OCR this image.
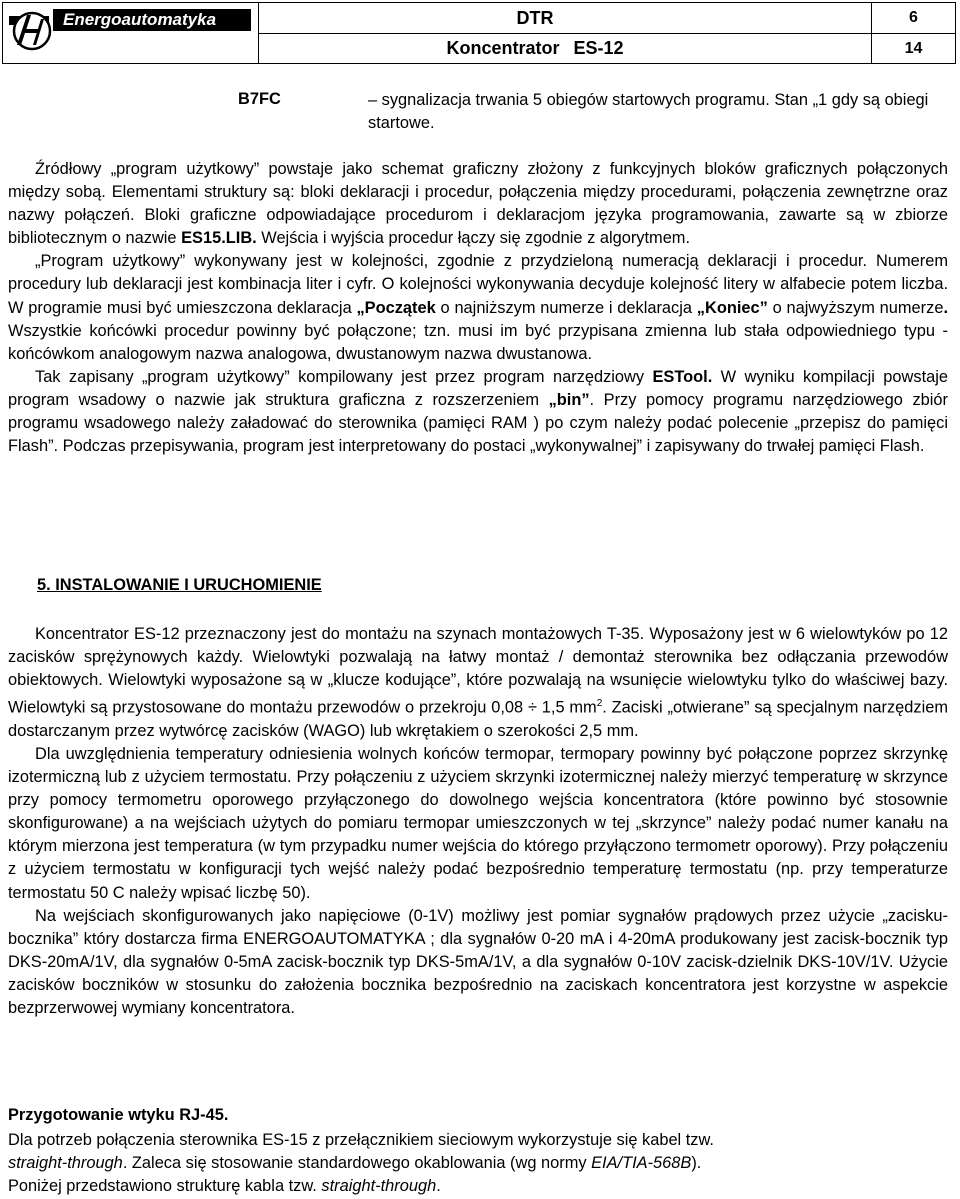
Energoautomatyka	DTR
Koncentrator ES-12
6
14
B7FC	– sygnalizacja trwania 5 obiegów startowych programu. Stan „1 gdy są obiegi startowe.

Źródłowy „program użytkowy” powstaje jako schemat graficzny złożony z funkcyjnych bloków graficznych połączonych między sobą. Elementami struktury są: bloki deklaracji i procedur, połączenia między procedurami, połączenia zewnętrzne oraz nazwy połączeń. Bloki graficzne odpowiadające procedurom i deklaracjom języka programowania, zawarte są w zbiorze bibliotecznym o nazwie ES15.LIB. Wejścia i wyjścia procedur łączy się zgodnie z algorytmem.

„Program użytkowy” wykonywany jest w kolejności, zgodnie z przydzieloną numeracją deklaracji i procedur. Numerem procedury lub deklaracji jest kombinacja liter i cyfr. O kolejności wykonywania decyduje kolejność litery w alfabecie potem liczba. W programie musi być umieszczona deklaracja „Początek o najniższym numerze i deklaracja „Koniec” o najwyższym numerze. Wszystkie końcówki procedur powinny być połączone; tzn. musi im być przypisana zmienna lub stała odpowiedniego typu - końcówkom analogowym nazwa analogowa, dwustanowym nazwa dwustanowa.

Tak zapisany „program użytkowy” kompilowany jest przez program narzędziowy ESTool. W wyniku kompilacji powstaje program wsadowy o nazwie jak struktura graficzna z rozszerzeniem „bin”. Przy pomocy programu narzędziowego zbiór programu wsadowego należy załadować do sterownika (pamięci RAM ) po czym należy podać polecenie „przepisz do pamięci Flash”. Podczas przepisywania, program jest interpretowany do postaci „wykonywalnej” i zapisywany do trwałej pamięci Flash.

5. INSTALOWANIE I URUCHOMIENIE

Koncentrator ES-12 przeznaczony jest do montażu na szynach montażowych T-35. Wyposażony jest w 6 wielowtyków po 12 zacisków sprężynowych każdy. Wielowtyki pozwalają na łatwy montaż / demontaż sterownika bez odłączania przewodów obiektowych. Wielowtyki wyposażone są w „klucze kodujące”, które pozwalają na wsunięcie wielowtyku tylko do właściwej bazy. Wielowtyki są przystosowane do montażu przewodów o przekroju 0,08 ÷ 1,5 $mm^2$. Zaciski „otwierane” są specjalnym narzędziem dostarczanym przez wytwórcę zacisków (WAGO) lub wkrętakiem o szerokości 2,5 mm.

Dla uwzględnienia temperatury odniesienia wolnych końców termopar, termopary powinny być połączone poprzez skrzynkę izotermiczną lub z użyciem termostatu. Przy połączeniu z użyciem skrzynki izotermicznej należy mierzyć temperaturę w skrzynce przy pomocy termometru oporowego przyłączonego do dowolnego wejścia koncentratora (które powinno być stosownie skonfigurowane) a na wejściach użytych do pomiaru termopar umieszczonych w tej „skrzynce” należy podać numer kanału na którym mierzona jest temperatura (w tym przypadku numer wejścia do którego przyłączono termometr oporowy). Przy połączeniu z użyciem termostatu w konfiguracji tych wejść należy podać bezpośrednio temperaturę termostatu (np. przy temperaturze termostatu 50 C należy wpisać liczbę 50).

Na wejściach skonfigurowanych jako napięciowe (0-1V) możliwy jest pomiar sygnałów prądowych przez użycie „zacisku-bocznika” który dostarcza firma ENERGOAUTOMATYKA ; dla sygnałów 0-20 mA i 4-20mA produkowany jest zacisk-bocznik typ DKS-20mA/1V, dla sygnałów 0-5mA zacisk-bocznik typ DKS-5mA/1V, a dla sygnałów 0-10V zacisk-dzielnik DKS-10V/1V. Użycie zacisków boczników w stosunku do założenia bocznika bezpośrednio na zaciskach koncentratora jest korzystne w aspekcie bezprzerwowej wymiany koncentratora.

Przygotowanie wtyku RJ-45.

Dla potrzeb połączenia sterownika ES-15 z przełącznikiem sieciowym wykorzystuje się kabel tzw.

straight-through. Zaleca się stosowanie standardowego okablowania (wg normy EIA/TIA-568B).

Poniżej przedstawiono strukturę kabla tzw. straight-through.
